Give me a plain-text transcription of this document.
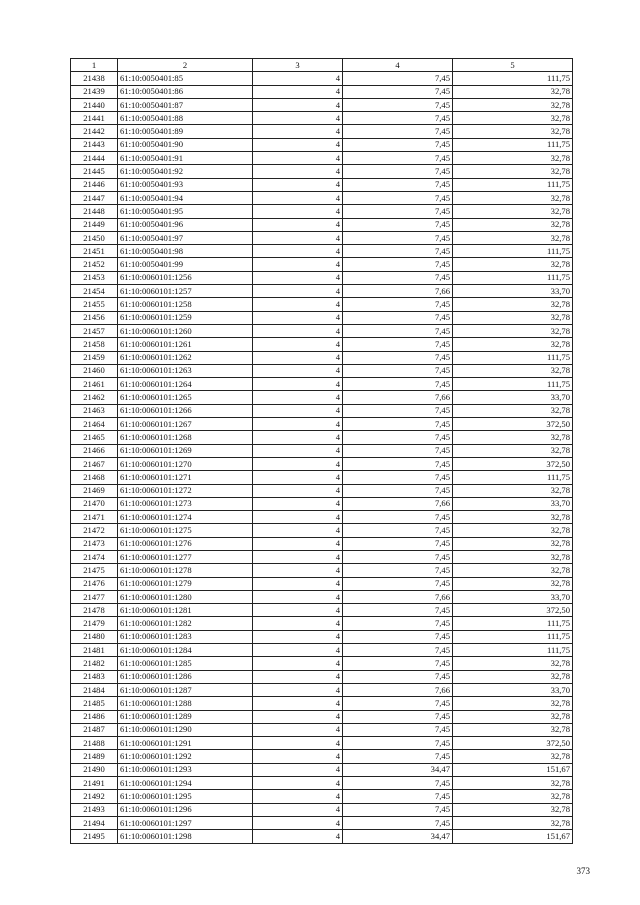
1	2	3	4	5
21438	61:10:0050401:85	4	7,45	111,75
21439	61:10:0050401:86	4	7,45	32,78
21440	61:10:0050401:87	4	7,45	32,78
21441	61:10:0050401:88	4	7,45	32,78
21442	61:10:0050401:89	4	7,45	32,78
21443	61:10:0050401:90	4	7,45	111,75
21444	61:10:0050401:91	4	7,45	32,78
21445	61:10:0050401:92	4	7,45	32,78
21446	61:10:0050401:93	4	7,45	111,75
21447	61:10:0050401:94	4	7,45	32,78
21448	61:10:0050401:95	4	7,45	32,78
21449	61:10:0050401:96	4	7,45	32,78
21450	61:10:0050401:97	4	7,45	32,78
21451	61:10:0050401:98	4	7,45	111,75
21452	61:10:0050401:99	4	7,45	32,78
21453	61:10:0060101:1256	4	7,45	111,75
21454	61:10:0060101:1257	4	7,66	33,70
21455	61:10:0060101:1258	4	7,45	32,78
21456	61:10:0060101:1259	4	7,45	32,78
21457	61:10:0060101:1260	4	7,45	32,78
21458	61:10:0060101:1261	4	7,45	32,78
21459	61:10:0060101:1262	4	7,45	111,75
21460	61:10:0060101:1263	4	7,45	32,78
21461	61:10:0060101:1264	4	7,45	111,75
21462	61:10:0060101:1265	4	7,66	33,70
21463	61:10:0060101:1266	4	7,45	32,78
21464	61:10:0060101:1267	4	7,45	372,50
21465	61:10:0060101:1268	4	7,45	32,78
21466	61:10:0060101:1269	4	7,45	32,78
21467	61:10:0060101:1270	4	7,45	372,50
21468	61:10:0060101:1271	4	7,45	111,75
21469	61:10:0060101:1272	4	7,45	32,78
21470	61:10:0060101:1273	4	7,66	33,70
21471	61:10:0060101:1274	4	7,45	32,78
21472	61:10:0060101:1275	4	7,45	32,78
21473	61:10:0060101:1276	4	7,45	32,78
21474	61:10:0060101:1277	4	7,45	32,78
21475	61:10:0060101:1278	4	7,45	32,78
21476	61:10:0060101:1279	4	7,45	32,78
21477	61:10:0060101:1280	4	7,66	33,70
21478	61:10:0060101:1281	4	7,45	372,50
21479	61:10:0060101:1282	4	7,45	111,75
21480	61:10:0060101:1283	4	7,45	111,75
21481	61:10:0060101:1284	4	7,45	111,75
21482	61:10:0060101:1285	4	7,45	32,78
21483	61:10:0060101:1286	4	7,45	32,78
21484	61:10:0060101:1287	4	7,66	33,70
21485	61:10:0060101:1288	4	7,45	32,78
21486	61:10:0060101:1289	4	7,45	32,78
21487	61:10:0060101:1290	4	7,45	32,78
21488	61:10:0060101:1291	4	7,45	372,50
21489	61:10:0060101:1292	4	7,45	32,78
21490	61:10:0060101:1293	4	34,47	151,67
21491	61:10:0060101:1294	4	7,45	32,78
21492	61:10:0060101:1295	4	7,45	32,78
21493	61:10:0060101:1296	4	7,45	32,78
21494	61:10:0060101:1297	4	7,45	32,78
21495	61:10:0060101:1298	4	34,47	151,67
373
